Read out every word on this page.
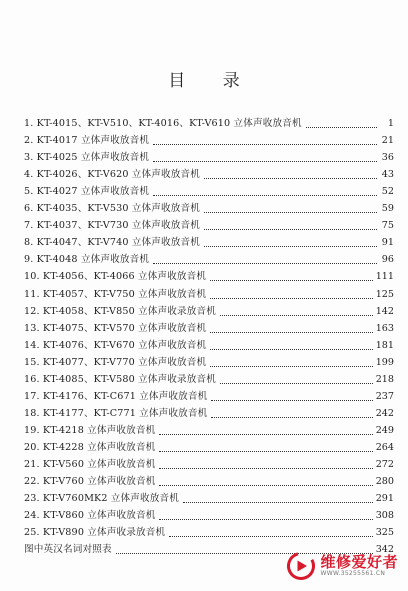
目 录
1. KT-4015、KT-V510、KT-4016、KT-V610 立体声收放音机	1
2. KT-4017 立体声收放音机	21
3. KT-4025 立体声收放音机	36
4. KT-4026、KT-V620 立体声收放音机	43
5. KT-4027 立体声收放音机	52
6. KT-4035、KT-V530 立体声收放音机	59
7. KT-4037、KT-V730 立体声收放音机	75
8. KT-4047、KT-V740 立体声收放音机	91
9. KT-4048 立体声收放音机	96
10. KT-4056、KT-4066 立体声收放音机	111
11. KT-4057、KT-V750 立体声收放音机	125
12. KT-4058、KT-V850 立体声收录放音机	142
13. KT-4075、KT-V570 立体声收放音机	163
14. KT-4076、KT-V670 立体声收放音机	181
15. KT-4077、KT-V770 立体声收放音机	199
16. KT-4085、KT-V580 立体声收录放音机	218
17. KT-4176、KT-C671 立体声收放音机	237
18. KT-4177、KT-C771 立体声收放音机	242
19. KT-4218 立体声收放音机	249
20. KT-4228 立体声收放音机	264
21. KT-V560 立体声收放音机	272
22. KT-V760 立体声收放音机	280
23. KT-V760MK2 立体声收放音机	291
24. KT-V860 立体声收放音机	308
25. KT-V890 立体声收录放音机	325
图中英汉名词对照表	342
维修爱好者
WWW.35255561.CN
